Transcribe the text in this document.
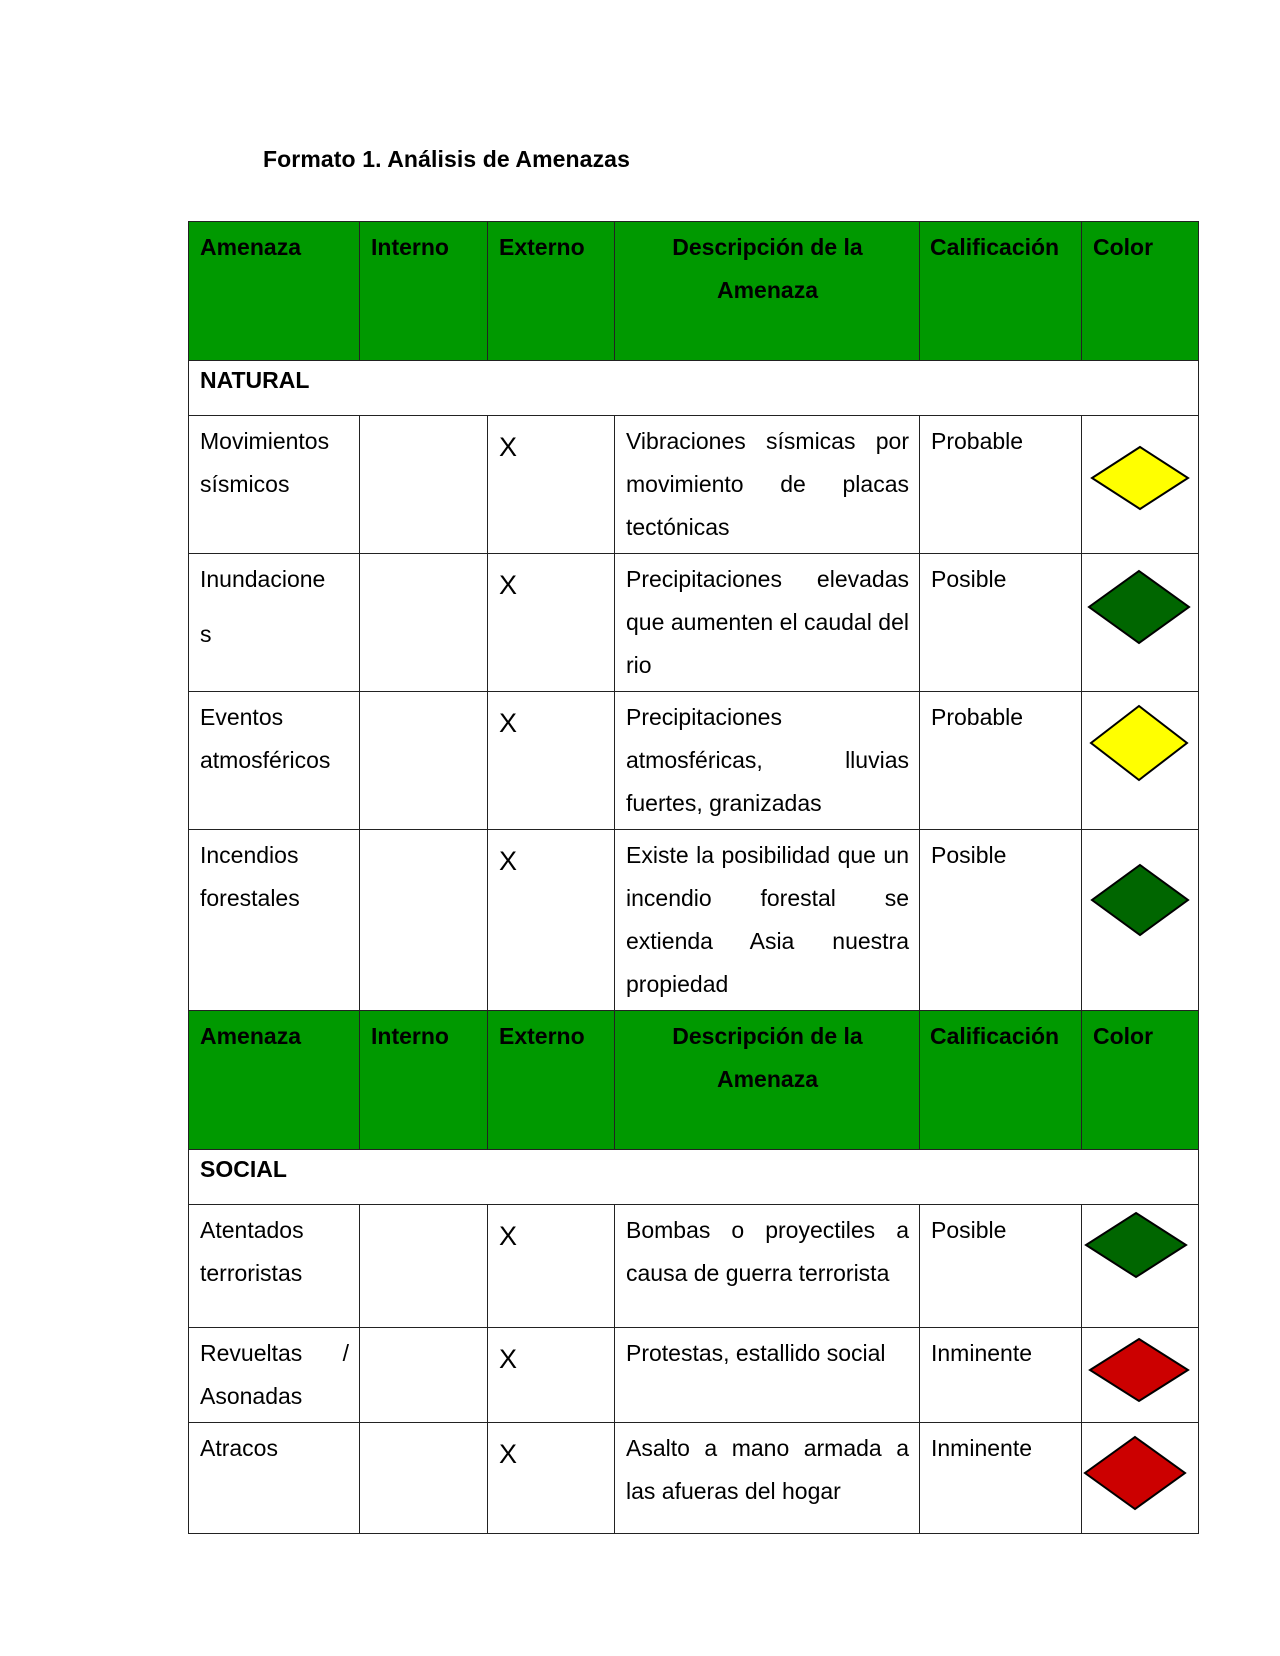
Formato 1. Análisis de Amenazas
Amenaza	Interno	Externo	Descripción de la Amenaza	Calificación	Color
NATURAL					
Movimientos sísmicos		X	Vibraciones sísmicas por movimiento de placas tectónicas	Probable	

Inundaciones		X	Precipitaciones elevadas que aumenten el caudal del rio	Posible	

Eventos atmosféricos		X	Precipitaciones atmosféricas, lluvias fuertes, granizadas	Probable	

Incendios forestales		X	Existe la posibilidad que un incendio forestal se extienda Asia nuestra propiedad	Posible	

Amenaza	Interno	Externo	Descripción de la Amenaza	Calificación	Color
SOCIAL					
Atentados terroristas		X	Bombas o proyectiles a causa de guerra terrorista	Posible	

Revueltas / Asonadas		X	Protestas, estallido social	Inminente	

Atracos		X	Asalto a mano armada a las afueras del hogar	Inminente	
